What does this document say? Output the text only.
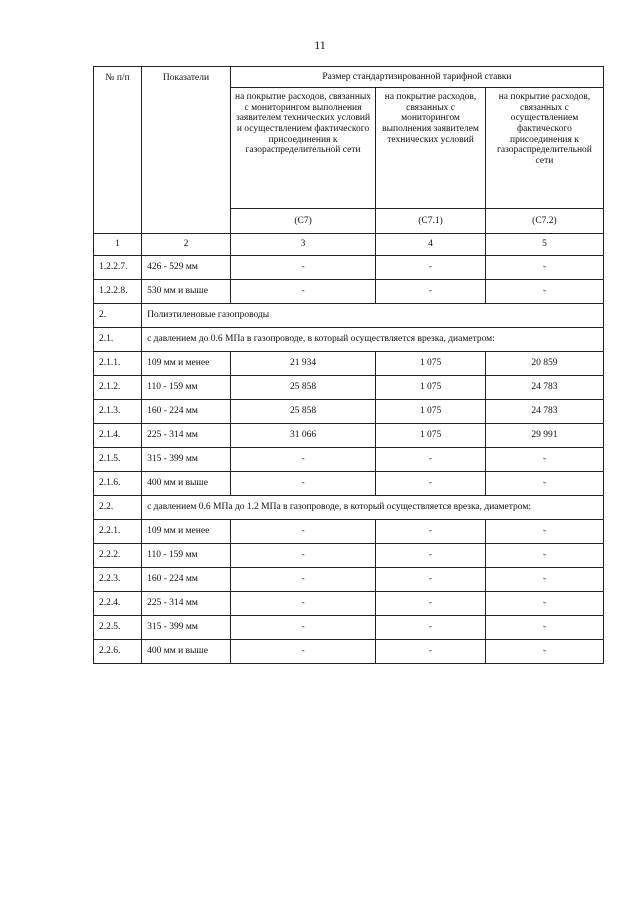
11
№ п/п	Показатели	Размер стандартизированной тарифной ставки		
		на покрытие расходов, связанных с мониторингом выполнения заявителем технических условий и осуществлением фактического присоединения к газораспределительной сети	на покрытие расходов, связанных с мониторингом выполнения заявителем технических условий	на покрытие расходов, связанных с осуществлением фактического присоединения к газораспределительной сети
		(С7)	(С7.1)	(С7.2)
1	2	3	4	5
1.2.2.7.	426 - 529 мм	-	-	-
1.2.2.8.	530 мм и выше	-	-	-
2.	Полиэтиленовые газопроводы			
2.1.	с давлением до 0.6 МПа в газопроводе, в который осуществляется врезка, диаметром:			
2.1.1.	109 мм и менее	21 934	1 075	20 859
2.1.2.	110 - 159 мм	25 858	1 075	24 783
2.1.3.	160 - 224 мм	25 858	1 075	24 783
2.1.4.	225 - 314 мм	31 066	1 075	29 991
2.1.5.	315 - 399 мм	-	-	-
2.1.6.	400 мм и выше	-	-	-
2.2.	с давлением 0.6 МПа до 1.2 МПа в газопроводе, в который осуществляется врезка, диаметром:			
2.2.1.	109 мм и менее	-	-	-
2.2.2.	110 - 159 мм	-	-	-
2.2.3.	160 - 224 мм	-	-	-
2.2.4.	225 - 314 мм	-	-	-
2.2.5.	315 - 399 мм	-	-	-
2.2.6.	400 мм и выше	-	-	-
